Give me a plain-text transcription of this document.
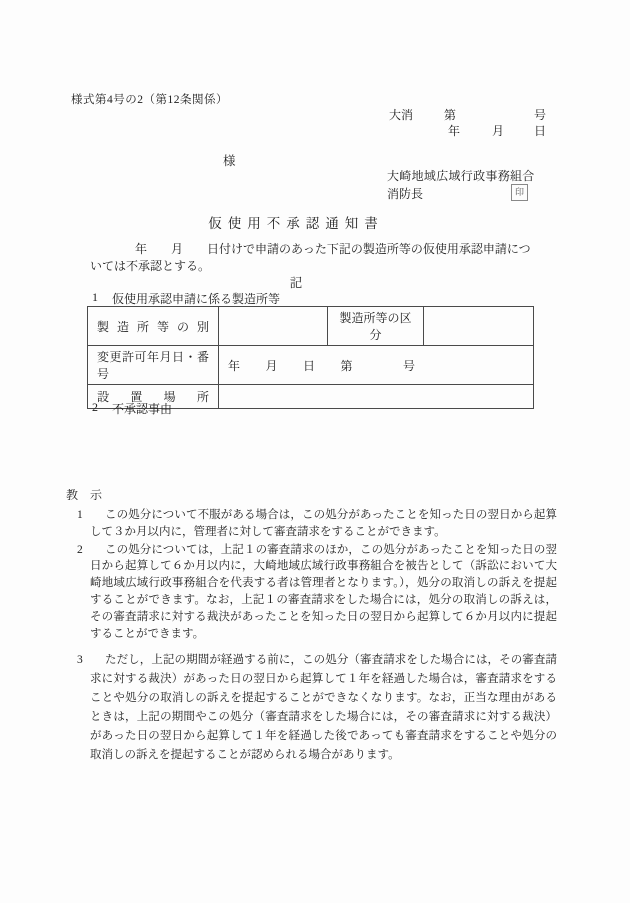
様式第4号の2（第12条関係）
大消	第	号
年	月 日
様
大崎地域広域行政事務組合
消防長	印
仮使用不承認通知書
年　　月　　日付けで申請のあった下記の製造所等の仮使用承認申請につ
いては不承認とする。
記
1	仮使用承認申請に係る製造所等
製造所等の別		製造所等の区分	
変更許可年月日・番号	年　　月　　日　　第　　　　号		
設置場所			
2	不承認事由
教　示
1	この処分について不服がある場合は，この処分があったことを知った日の翌日から起算して３か月以内に，管理者に対して審査請求をすることができます。
2	この処分については，上記１の審査請求のほか，この処分があったことを知った日の翌日から起算して６か月以内に，大崎地域広域行政事務組合を被告として（訴訟において大崎地域広域行政事務組合を代表する者は管理者となります。），処分の取消しの訴えを提起することができます。なお，上記１の審査請求をした場合には，処分の取消しの訴えは，その審査請求に対する裁決があったことを知った日の翌日から起算して６か月以内に提起することができます。
3	ただし，上記の期間が経過する前に，この処分（審査請求をした場合には，その審査請求に対する裁決）があった日の翌日から起算して１年を経過した場合は，審査請求をすることや処分の取消しの訴えを提起することができなくなります。なお，正当な理由があるときは，上記の期間やこの処分（審査請求をした場合には，その審査請求に対する裁決）があった日の翌日から起算して１年を経過した後であっても審査請求をすることや処分の取消しの訴えを提起することが認められる場合があります。
